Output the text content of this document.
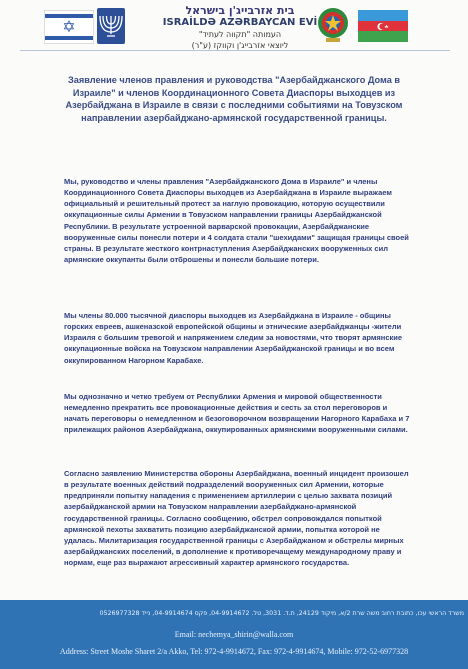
✡
בית אזרבייג'ן בישראל
ISRAİLDƏ AZƏRBAYCAN EVİ
העמותה "תקווה לעתיד"
ליוצאי אזרבייג'ן וקווקז (ע"ר)
Заявление членов правления и руководства "Азербайджанского Дома в Израиле" и членов Координационного Совета Диаспоры выходцев из Азербайджана в Израиле в связи с последними событиями на Товузском направлении азербайджано-армянской государственной границы.
Мы, руководство и члены правления "Азербайджанского Дома в Израиле" и члены Координационного Совета Диаспоры выходцев из Азербайджана в Израиле выражаем официальный и решительный протест за наглую провокацию, которую осуществили оккупационные силы Армении в Товузском направлении границы Азербайджанской Республики. В результате устроенной варварской провокации, Азербайджанские вооруженные силы понесли потери и 4 солдата стали "шехидами" защищая границы своей страны. В результате жесткого контрнаступления Азербайджанских вооруженных сил армянские оккупанты были отброшены и понесли большие потери.
Мы члены 80.000 тысячной диаспоры выходцев из Азербайджана в Израиле - общины горских евреев, ашкеназской европейской общины и этнические азербайджанцы -жители Израиля с большим тревогой и напряжением следим за новостями, что творят армянские оккупационные войска на Товузском направлении Азербайджанской границы и во всем оккупированном Нагорном Карабахе.
Мы однозначно и четко требуем от Республики Армения и мировой общественности немедленно прекратить все провокационные действия и сесть за стол переговоров и начать переговоры о немедленном и безоговорочном возвращении Нагорного Карабаха и 7 прилежащих районов Азербайджана, оккупированных армянскими вооруженными силами.
Согласно заявлению Министерства обороны Азербайджана, военный инцидент произошел в результате военных действий подразделений вооруженных сил Армении, которые предприняли попытку нападения с применением артиллерии с целью захвата позиций азербайджанской армии на Товузском направлении азербайджано-армянской государственной границы. Согласно сообщению, обстрел сопровождался попыткой армянской пехоты захватить позицию азербайджанской армии, попытка которой не удалась. Милитаризация государственной границы с Азербайджаном и обстрелы мирных азербайджанских поселений, в дополнение к противоречащему международному праву и нормам, еще раз выражают агрессивный характер армянского государства.
משרד הראשי עכו, כתובת רחוב משה שרת 2/א, מיקוד 24129, ת.ד. 3031, טל. 04-9914672, פקס 04-9914674, נייד 0526977328
Email: nechemya_shirin@walla.com
Address: Street Moshe Sharet 2/a Akko, Tel: 972-4-9914672, Fax: 972-4-9914674, Mobile: 972-52-6977328
